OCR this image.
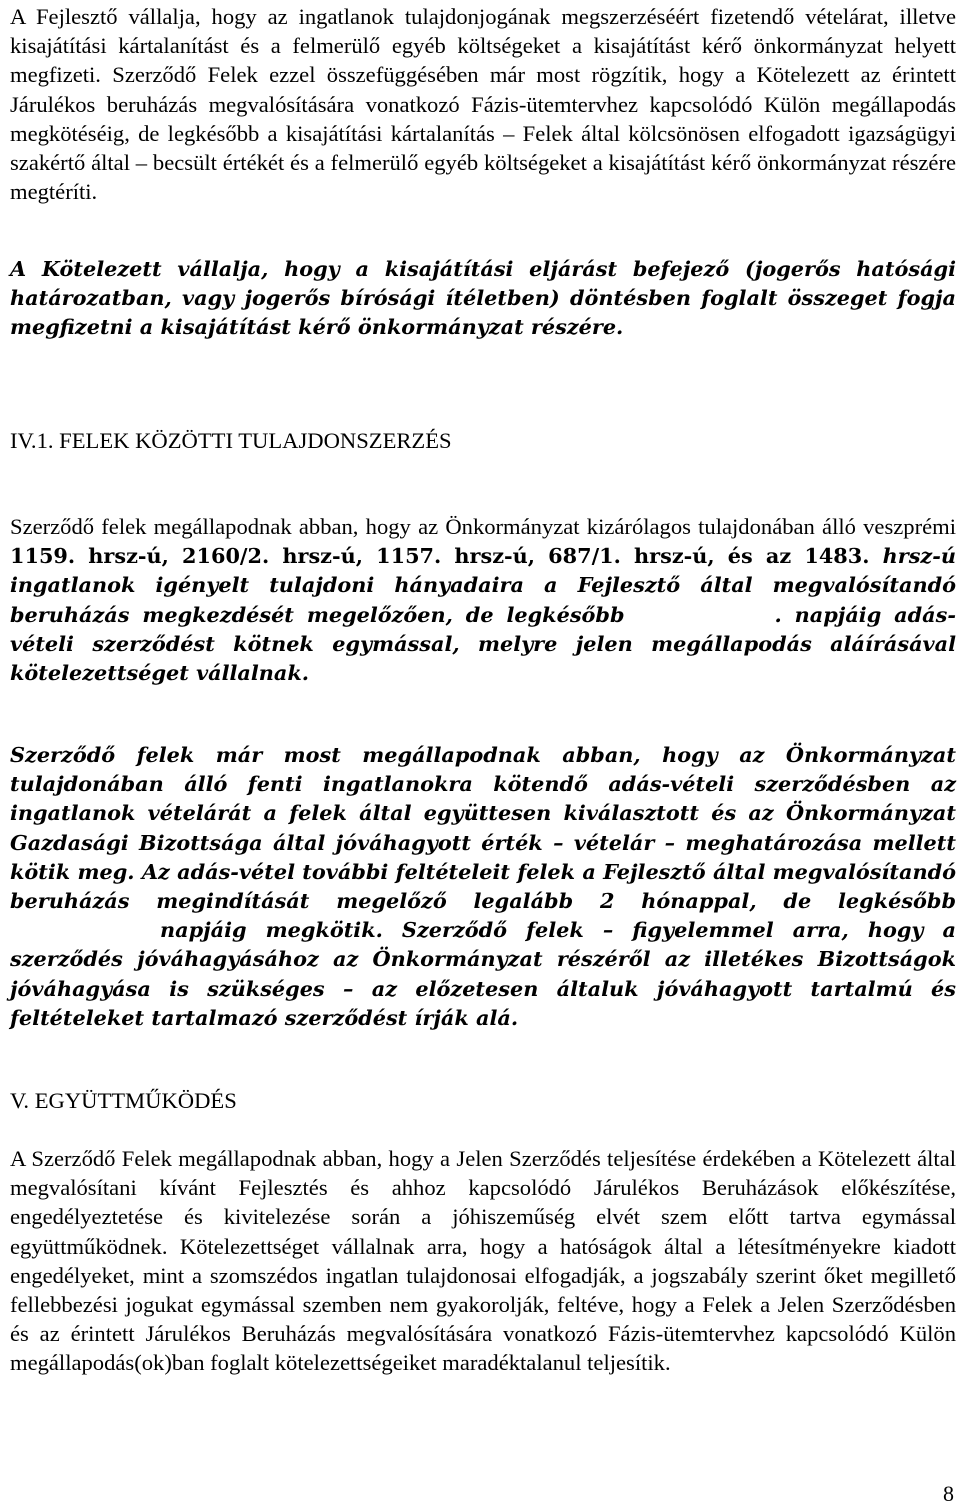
A Fejlesztő vállalja, hogy az ingatlanok tulajdonjogának megszerzéséért fizetendő vételárat, illetve kisajátítási kártalanítást és a felmerülő egyéb költségeket a kisajátítást kérő önkormányzat helyett megfizeti. Szerződő Felek ezzel összefüggésében már most rögzítik, hogy a Kötelezett az érintett Járulékos beruházás megvalósítására vonatkozó Fázis-ütemtervhez kapcsolódó Külön megállapodás megkötéséig, de legkésőbb a kisajátítási kártalanítás – Felek által kölcsönösen elfogadott igazságügyi szakértő által – becsült értékét és a felmerülő egyéb költségeket a kisajátítást kérő önkormányzat részére megtéríti.

A Kötelezett vállalja, hogy a kisajátítási eljárást befejező (jogerős hatósági határozatban, vagy jogerős bírósági ítéletben) döntésben foglalt összeget fogja megfizetni a kisajátítást kérő önkormányzat részére.

IV.1. FELEK KÖZÖTTI TULAJDONSZERZÉS

Szerződő felek megállapodnak abban, hogy az Önkormányzat kizárólagos tulajdonában álló veszprémi 1159. hrsz-ú, 2160/2. hrsz-ú, 1157. hrsz-ú, 687/1. hrsz-ú, és az 1483. hrsz-ú ingatlanok igényelt tulajdoni hányadaira a Fejlesztő által megvalósítandó beruházás megkezdését megelőzően, de legkésőbb	. napjáig adás-vételi szerződést kötnek egymással, melyre jelen megállapodás aláírásával kötelezettséget vállalnak.

Szerződő felek már most megállapodnak abban, hogy az Önkormányzat tulajdonában álló fenti ingatlanokra kötendő adás-vételi szerződésben az ingatlanok vételárát a felek által együttesen kiválasztott és az Önkormányzat Gazdasági Bizottsága által jóváhagyott érték – vételár – meghatározása mellett kötik meg. Az adás-vétel további feltételeit felek a Fejlesztő által megvalósítandó beruházás megindítását megelőző legalább 2 hónappal, de legkésőbbnapjáig megkötik. Szerződő felek – figyelemmel arra, hogy a szerződés jóváhagyásához az Önkormányzat részéről az illetékes Bizottságok jóváhagyása is szükséges – az előzetesen általuk jóváhagyott tartalmú és feltételeket tartalmazó szerződést írják alá.

V. EGYÜTTMŰKÖDÉS

A Szerződő Felek megállapodnak abban, hogy a Jelen Szerződés teljesítése érdekében a Kötelezett által megvalósítani kívánt Fejlesztés és ahhoz kapcsolódó Járulékos Beruházások előkészítése, engedélyeztetése és kivitelezése során a jóhiszeműség elvét szem előtt tartva egymással együttműködnek. Kötelezettséget vállalnak arra, hogy a hatóságok által a létesítményekre kiadott engedélyeket, mint a szomszédos ingatlan tulajdonosai elfogadják, a jogszabály szerint őket megillető fellebbezési jogukat egymással szemben nem gyakorolják, feltéve, hogy a Felek a Jelen Szerződésben és az érintett Járulékos Beruházás megvalósítására vonatkozó Fázis-ütemtervhez kapcsolódó Külön megállapodás(ok)ban foglalt kötelezettségeiket maradéktalanul teljesítik.

8
